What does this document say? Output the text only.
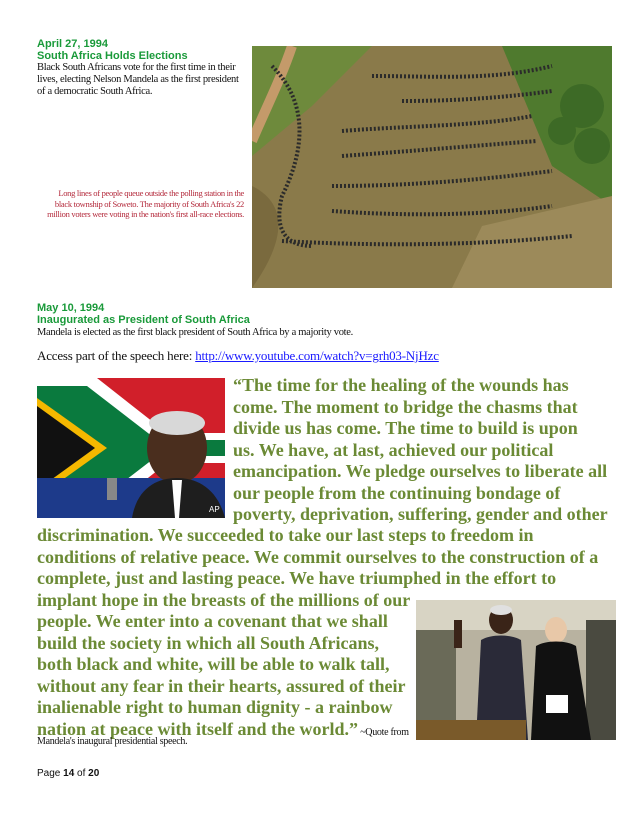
April 27, 1994
South Africa Holds Elections
Black South Africans vote for the first time in their lives, electing Nelson Mandela as the first president of a democratic South Africa.
Long lines of people queue outside the polling station in the black township of Soweto. The majority of South Africa's 22 million voters were voting in the nation's first all-race elections.
May 10, 1994
Inaugurated as President of South Africa
Mandela is elected as the first black president of South Africa by a majority vote.
Access part of the speech here: http://www.youtube.com/watch?v=grh03-NjHzc
AP
“The time for the healing of the wounds has
come. The moment to bridge the chasms that
divide us has come. The time to build is upon
us. We have, at last, achieved our political
emancipation. We pledge ourselves to liberate all
our people from the continuing bondage of
poverty, deprivation, suffering, gender and other
discrimination. We succeeded to take our last steps to freedom in
conditions of relative peace. We commit ourselves to the construction of a
complete, just and lasting peace. We have triumphed in the effort to
implant hope in the breasts of the millions of our
people. We enter into a covenant that we shall
build the society in which all South Africans,
both black and white, will be able to walk tall,
without any fear in their hearts, assured of their
inalienable right to human dignity - a rainbow
nation at peace with itself and the world.” ~Quote from
Mandela's inaugural presidential speech.
Page 14 of 20
